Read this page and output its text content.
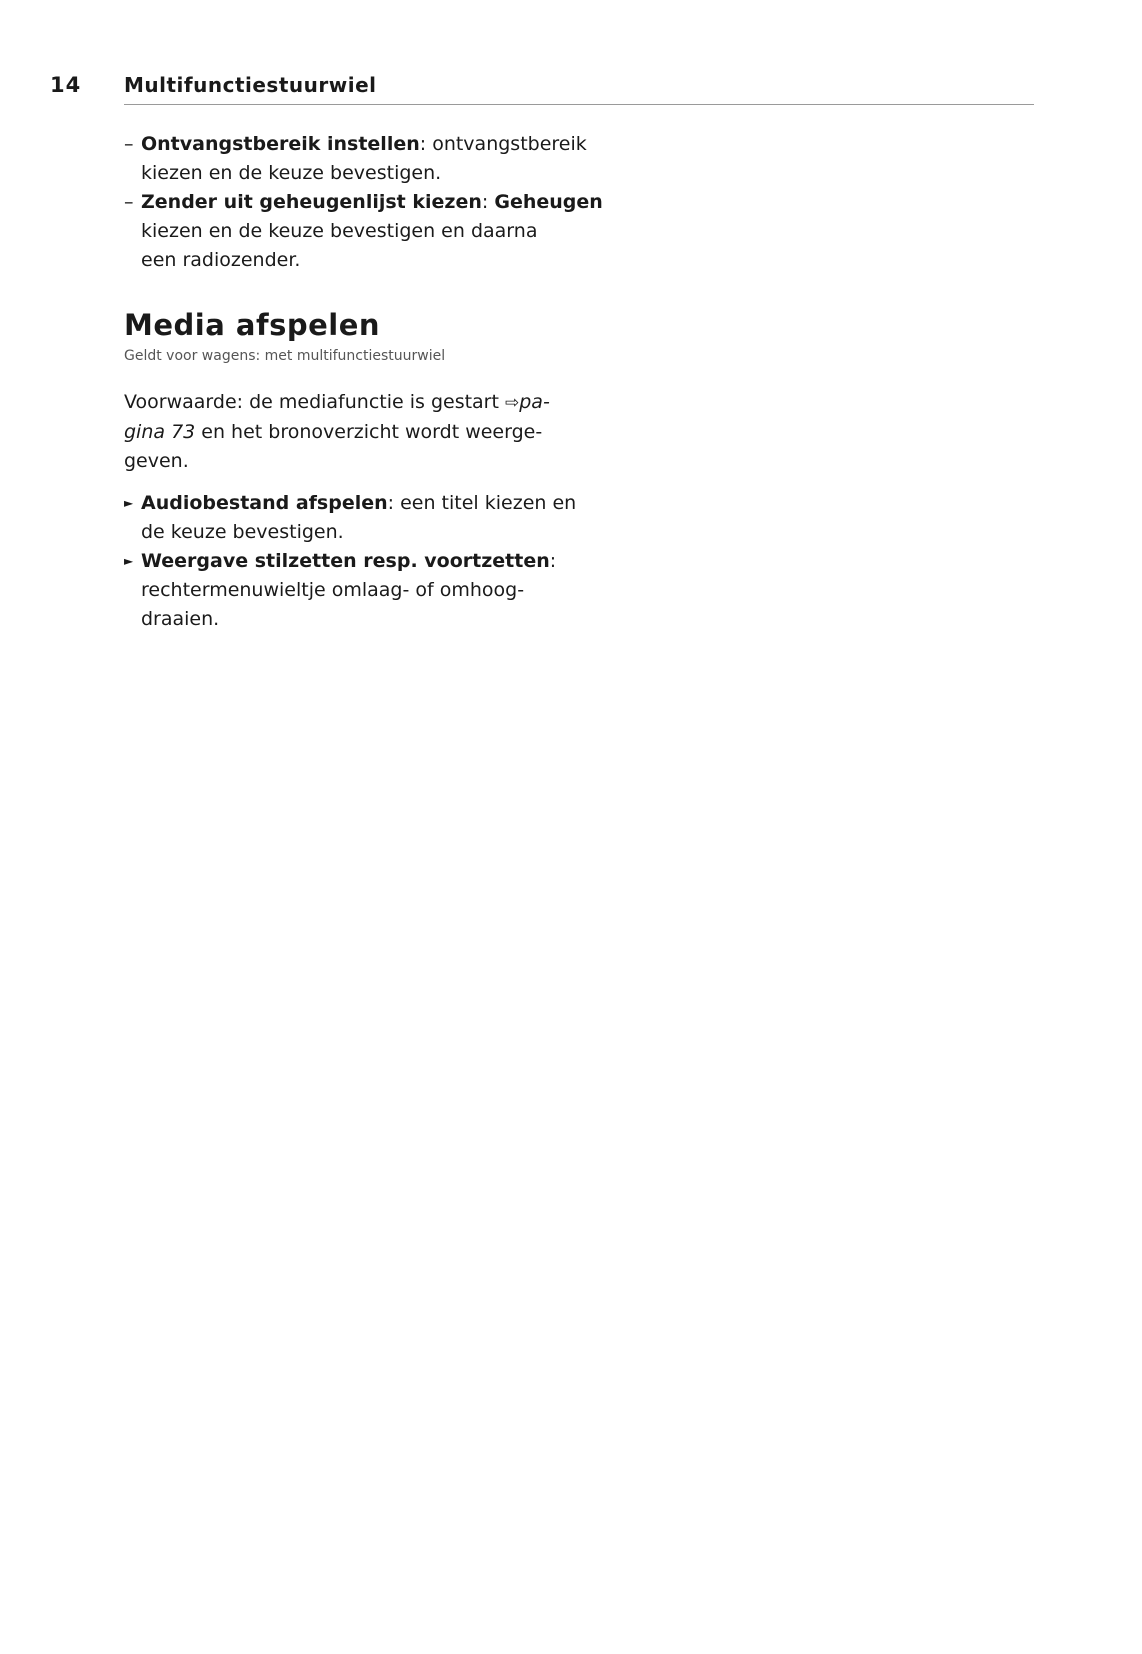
14 Multifunctiestuurwiel
– Ontvangstbereik instellen: ontvangstbereik
kiezen en de keuze bevestigen.
– Zender uit geheugenlijst kiezen: Geheugen
kiezen en de keuze bevestigen en daarna
een radiozender.
Media afspelen
Geldt voor wagens: met multifunctiestuurwiel
Voorwaarde: de mediafunctie is gestart ⇨pa-
gina 73 en het bronoverzicht wordt weerge-
geven.
► Audiobestand afspelen: een titel kiezen en
de keuze bevestigen.
► Weergave stilzetten resp. voortzetten:
rechtermenuwieltje omlaag- of omhoog-
draaien.
